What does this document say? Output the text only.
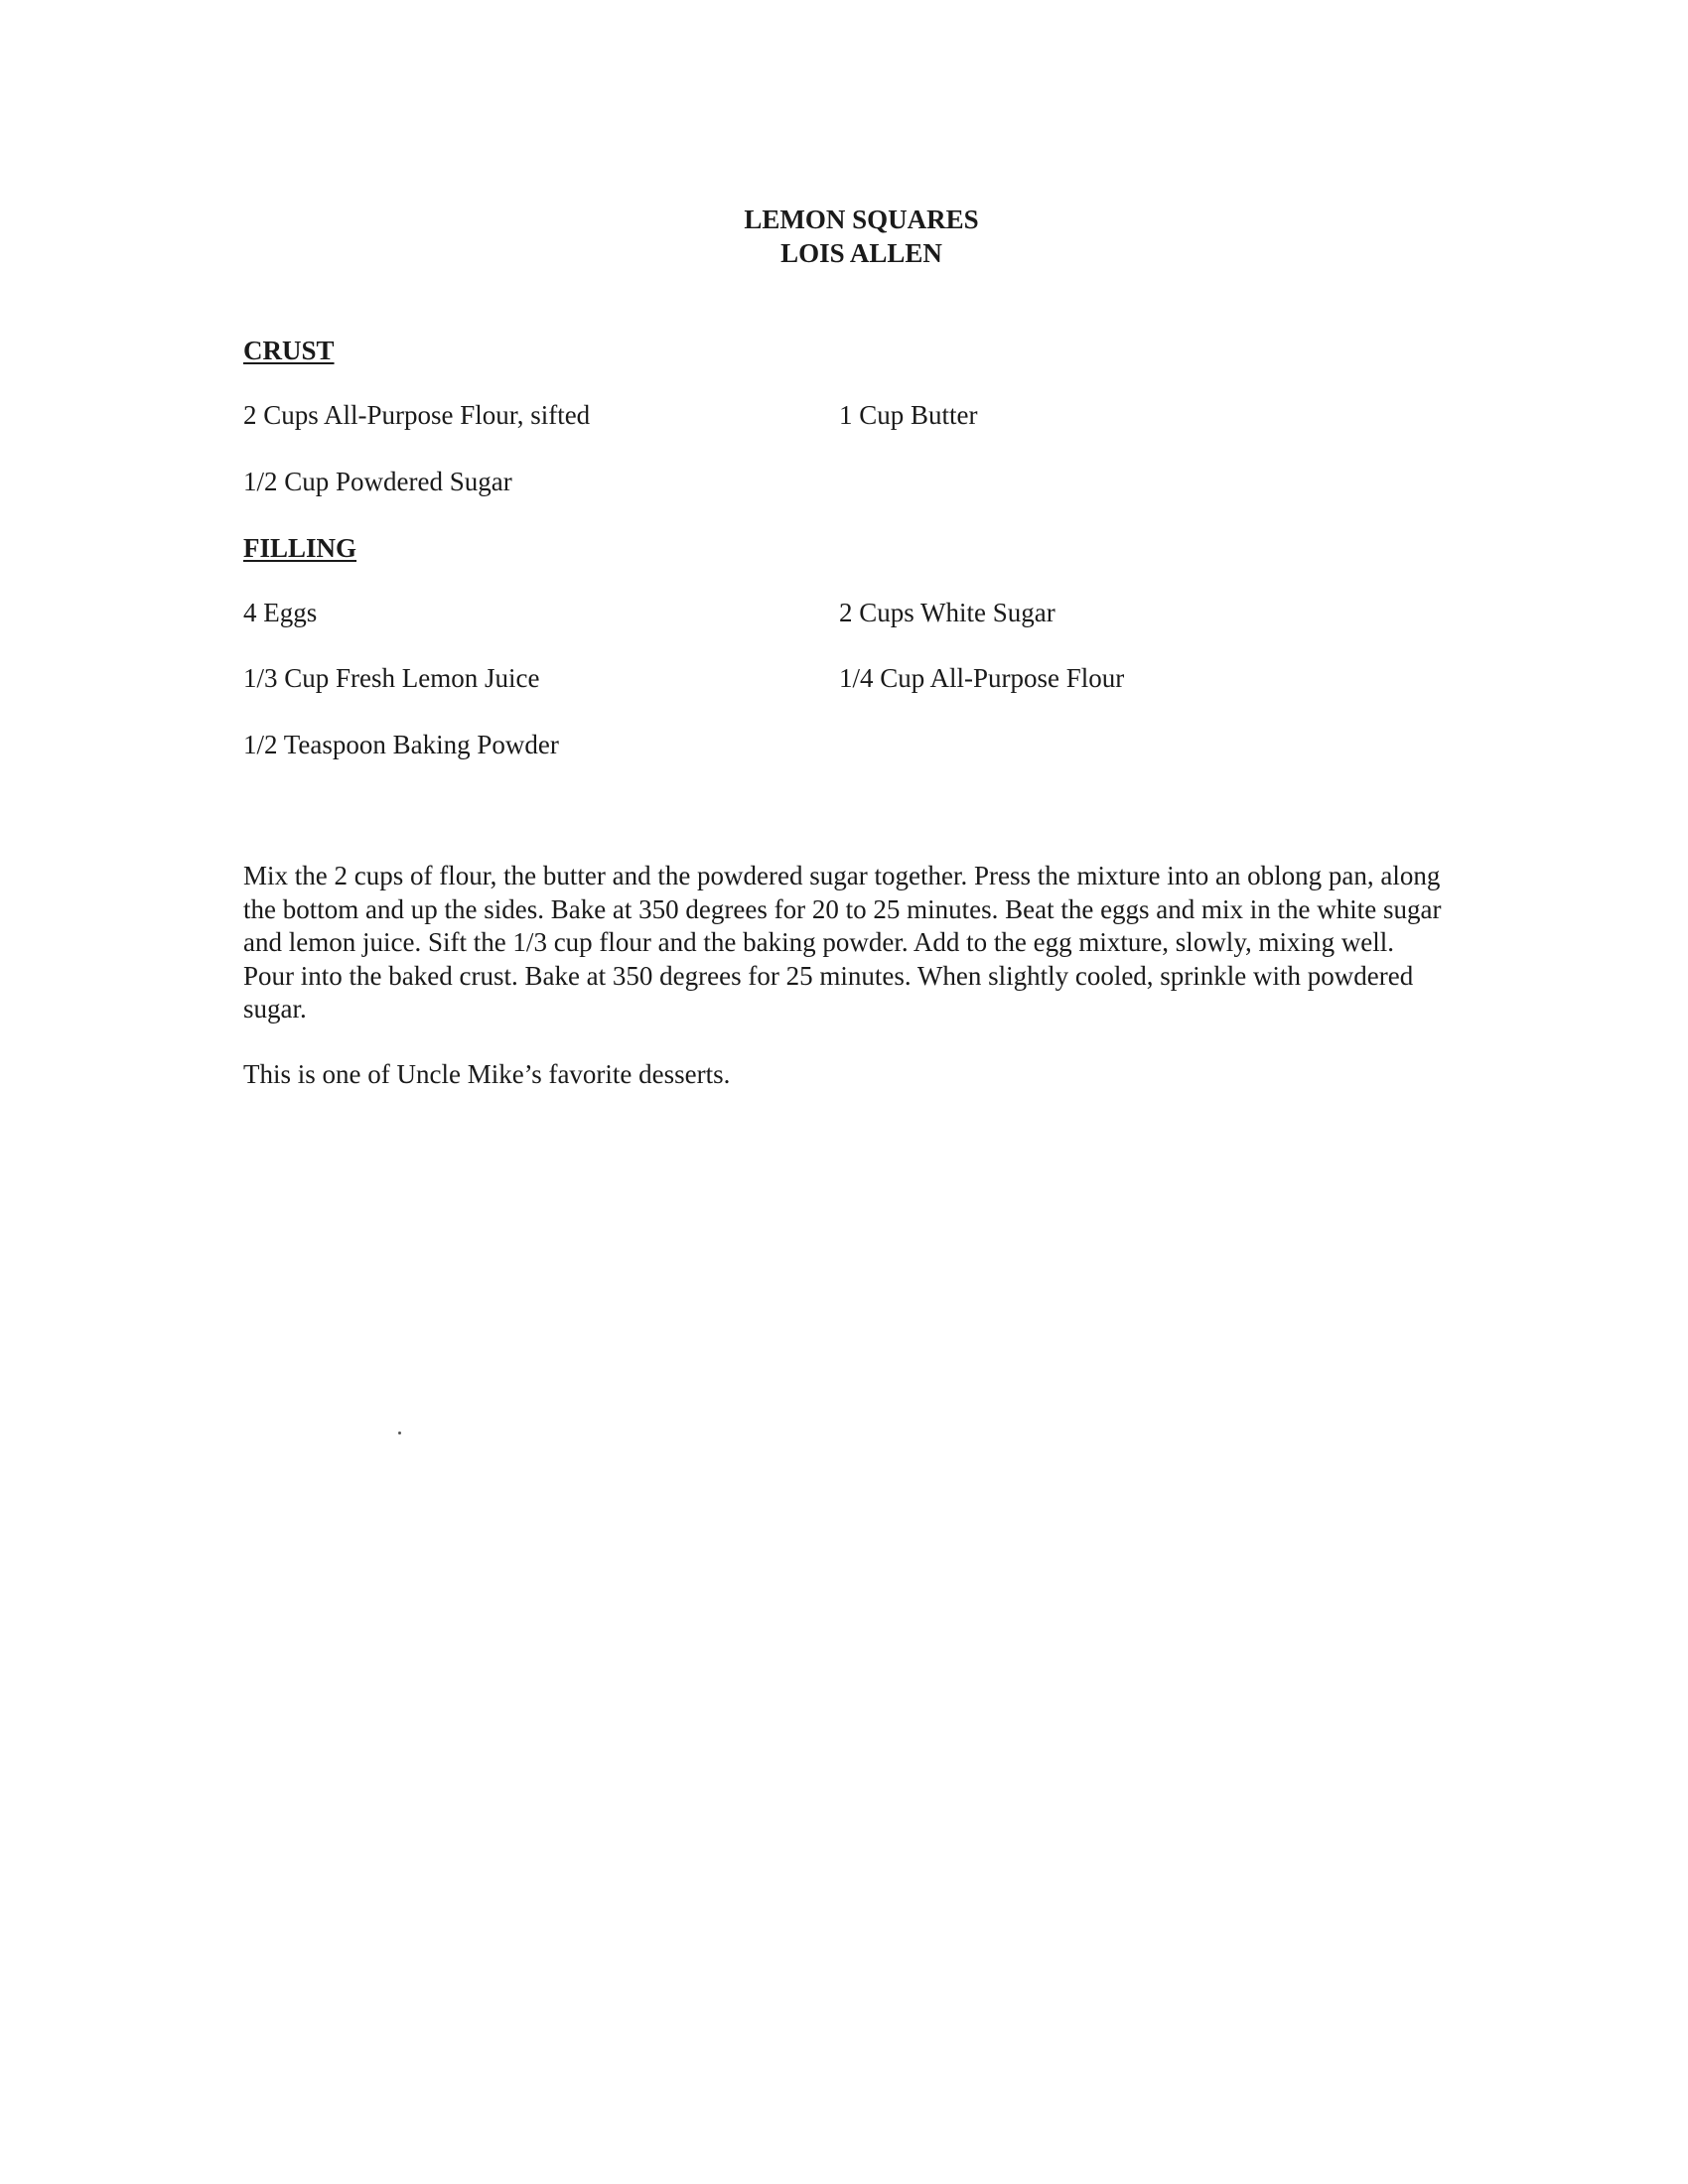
LEMON SQUARES
LOIS ALLEN
CRUST
2 Cups All-Purpose Flour, sifted	1 Cup Butter
1/2 Cup Powdered Sugar
FILLING
4 Eggs	2 Cups White Sugar
1/3 Cup Fresh Lemon Juice	1/4 Cup All-Purpose Flour
1/2 Teaspoon Baking Powder

Mix the 2 cups of flour, the butter and the powdered sugar together. Press the mixture into an oblong pan, along the bottom and up the sides. Bake at 350 degrees for 20 to 25 minutes. Beat the eggs and mix in the white sugar and lemon juice. Sift the 1/3 cup flour and the baking powder. Add to the egg mixture, slowly, mixing well. Pour into the baked crust. Bake at 350 degrees for 25 minutes. When slightly cooled, sprinkle with powdered sugar.

This is one of Uncle Mike’s favorite desserts.
